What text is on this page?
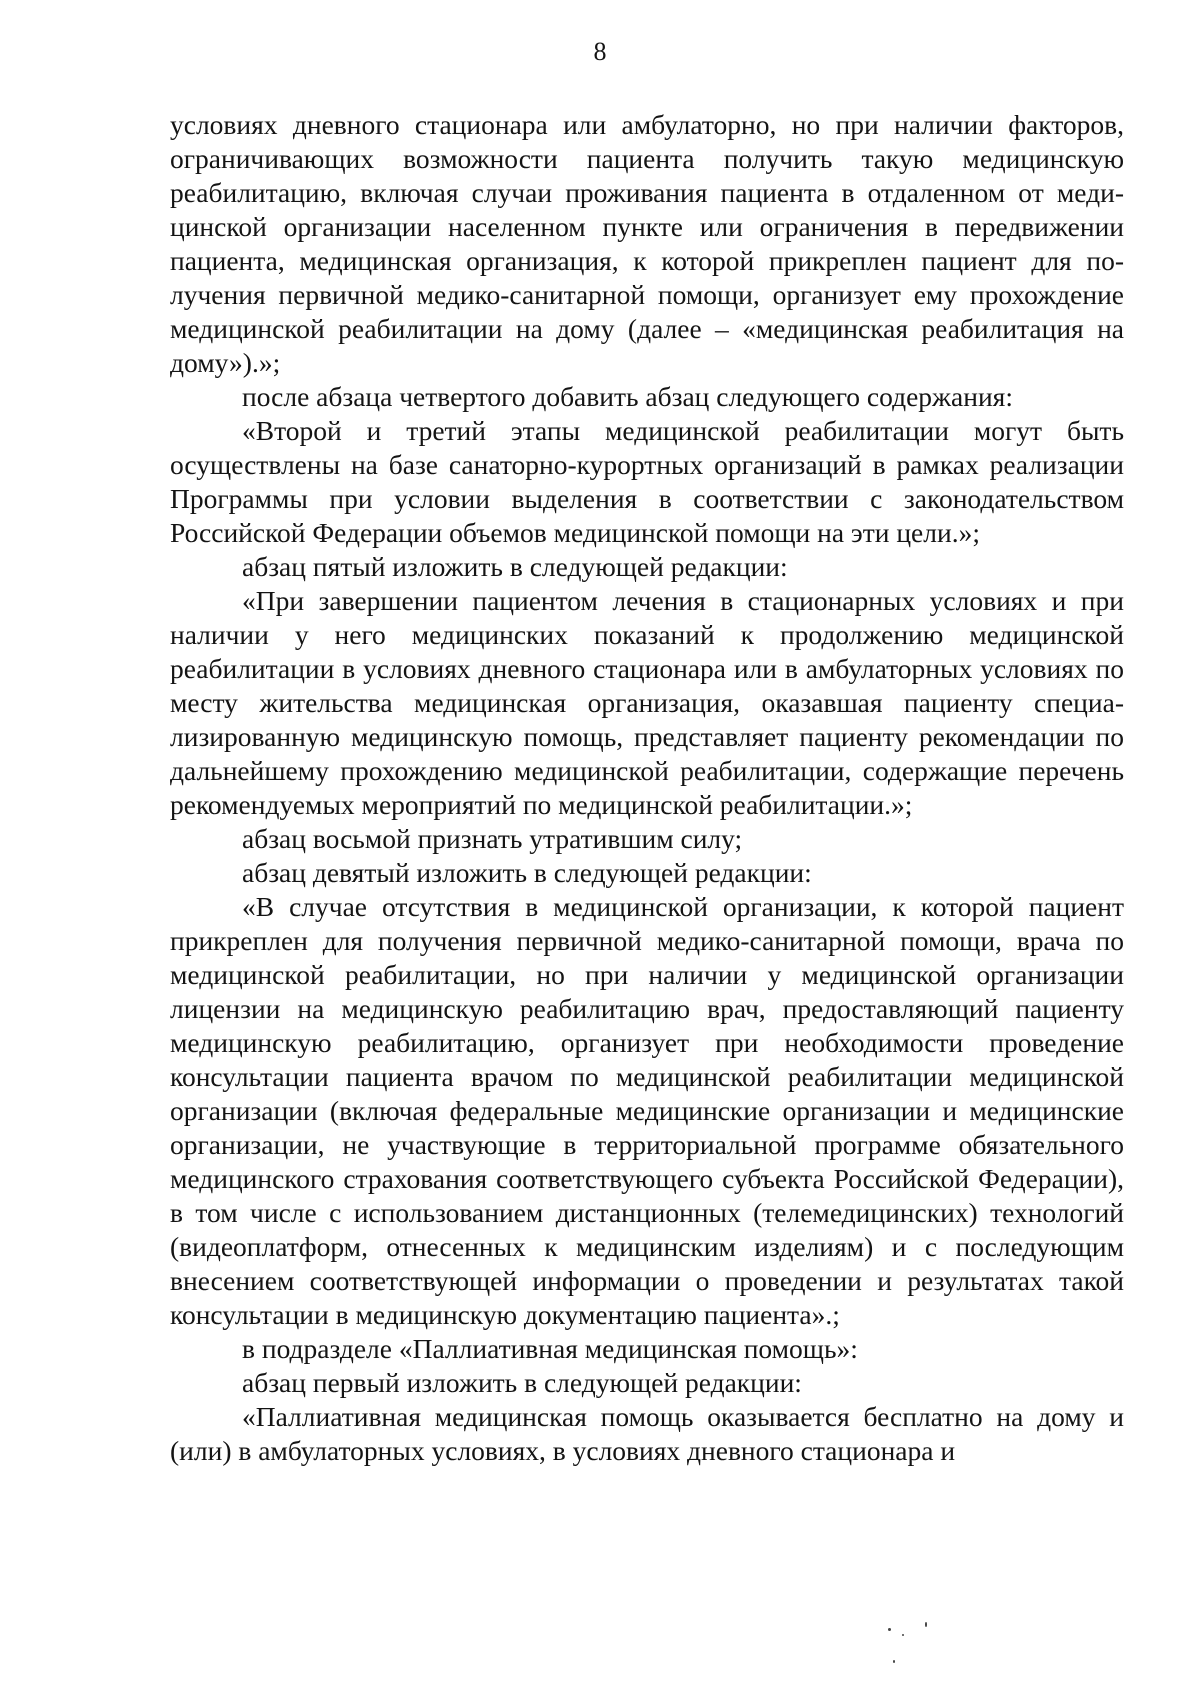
8

условиях дневного стационара или амбулаторно, но при наличии факторов, ограничивающих возможности пациента получить такую медицинскую реабилитацию, включая случаи проживания пациента в отдаленном от медицинской организации населенном пункте или ограничения в передвижении пациента, медицинская организация, к которой прикреплен пациент для получения первичной медико-санитарной помощи, организует ему прохождение медицинской реабилитации на дому (далее – «медицинская реабилитация на дому»).»;

после абзаца четвертого добавить абзац следующего содержания:

«Второй и третий этапы медицинской реабилитации могут быть осуществлены на базе санаторно-курортных организаций в рамках реализации Программы при условии выделения в соответствии с законодательством Российской Федерации объемов медицинской помощи на эти цели.»;

абзац пятый изложить в следующей редакции:

«При завершении пациентом лечения в стационарных условиях и при наличии у него медицинских показаний к продолжению медицинской реабилитации в условиях дневного стационара или в амбулаторных условиях по месту жительства медицинская организация, оказавшая пациенту специализированную медицинскую помощь, представляет пациенту рекомендации по дальнейшему прохождению медицинской реабилитации, содержащие перечень рекомендуемых мероприятий по медицинской реабилитации.»;

абзац восьмой признать утратившим силу;

абзац девятый изложить в следующей редакции:

«В случае отсутствия в медицинской организации, к которой пациент прикреплен для получения первичной медико-санитарной помощи, врача по медицинской реабилитации, но при наличии у медицинской организации лицензии на медицинскую реабилитацию врач, предоставляющий пациенту медицинскую реабилитацию, организует при необходимости проведение консультации пациента врачом по медицинской реабилитации медицинской организации (включая федеральные медицинские организации и медицинские организации, не участвующие в территориальной программе обязательного медицинского страхования соответствующего субъекта Российской Федерации), в том числе с использованием дистанционных (телемедицинских) технологий (видеоплатформ, отнесенных к медицинским изделиям) и с последующим внесением соответствующей информации о проведении и результатах такой консультации в медицинскую документацию пациента».;

в подразделе «Паллиативная медицинская помощь»:

абзац первый изложить в следующей редакции:

«Паллиативная медицинская помощь оказывается бесплатно на дому и (или) в амбулаторных условиях, в условиях дневного стационара и
